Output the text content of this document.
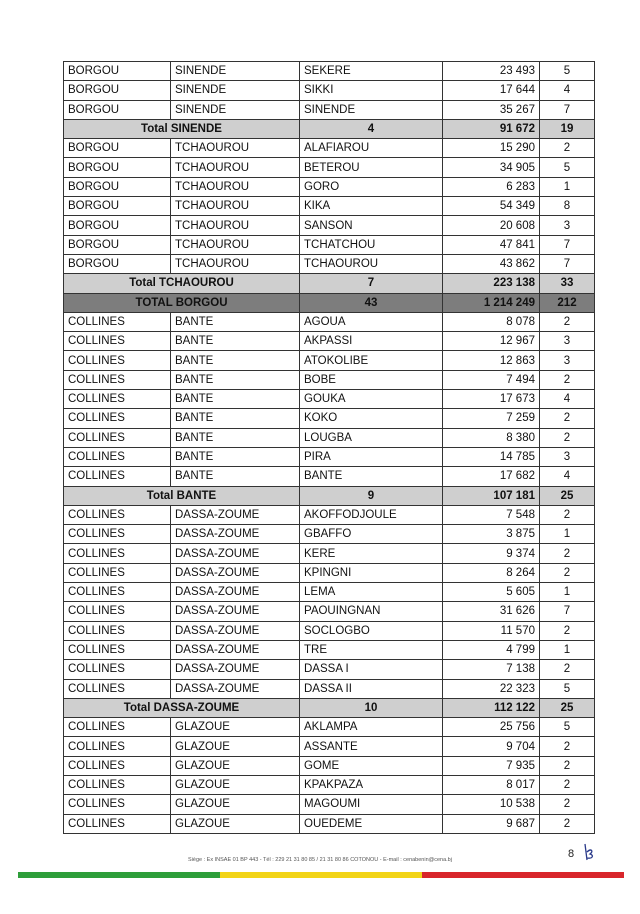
BORGOU	SINENDE	SEKERE	23 493	5
BORGOU	SINENDE	SIKKI	17 644	4
BORGOU	SINENDE	SINENDE	35 267	7
Total SINENDE		4	91 672	19
BORGOU	TCHAOUROU	ALAFIAROU	15 290	2
BORGOU	TCHAOUROU	BETEROU	34 905	5
BORGOU	TCHAOUROU	GORO	6 283	1
BORGOU	TCHAOUROU	KIKA	54 349	8
BORGOU	TCHAOUROU	SANSON	20 608	3
BORGOU	TCHAOUROU	TCHATCHOU	47 841	7
BORGOU	TCHAOUROU	TCHAOUROU	43 862	7
Total TCHAOUROU		7	223 138	33
TOTAL BORGOU		43	1 214 249	212
COLLINES	BANTE	AGOUA	8 078	2
COLLINES	BANTE	AKPASSI	12 967	3
COLLINES	BANTE	ATOKOLIBE	12 863	3
COLLINES	BANTE	BOBE	7 494	2
COLLINES	BANTE	GOUKA	17 673	4
COLLINES	BANTE	KOKO	7 259	2
COLLINES	BANTE	LOUGBA	8 380	2
COLLINES	BANTE	PIRA	14 785	3
COLLINES	BANTE	BANTE	17 682	4
Total BANTE		9	107 181	25
COLLINES	DASSA-ZOUME	AKOFFODJOULE	7 548	2
COLLINES	DASSA-ZOUME	GBAFFO	3 875	1
COLLINES	DASSA-ZOUME	KERE	9 374	2
COLLINES	DASSA-ZOUME	KPINGNI	8 264	2
COLLINES	DASSA-ZOUME	LEMA	5 605	1
COLLINES	DASSA-ZOUME	PAOUINGNAN	31 626	7
COLLINES	DASSA-ZOUME	SOCLOGBO	11 570	2
COLLINES	DASSA-ZOUME	TRE	4 799	1
COLLINES	DASSA-ZOUME	DASSA I	7 138	2
COLLINES	DASSA-ZOUME	DASSA II	22 323	5
Total DASSA-ZOUME		10	112 122	25
COLLINES	GLAZOUE	AKLAMPA	25 756	5
COLLINES	GLAZOUE	ASSANTE	9 704	2
COLLINES	GLAZOUE	GOME	7 935	2
COLLINES	GLAZOUE	KPAKPAZA	8 017	2
COLLINES	GLAZOUE	MAGOUMI	10 538	2
COLLINES	GLAZOUE	OUEDEME	9 687	2
Siège : Ex INSAE 01 BP 443 - Tél : 229 21 31 80 85 / 21 31 80 86 COTONOU - E-mail : cenabenin@cena.bj	8
